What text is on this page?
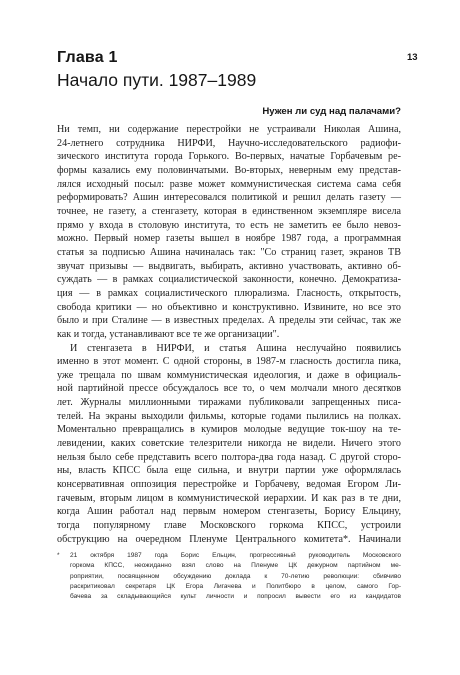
Глава 1	13
Начало пути. 1987–1989
Нужен ли суд над палачами?
Ни темп, ни содержание перестройки не устраивали Николая Ашина,
24-летнего сотрудника НИРФИ, Научно-исследовательского радиофи-
зического института города Горького. Во-первых, начатые Горбачевым ре-
формы казались ему половинчатыми. Во-вторых, неверным ему представ-
лялся исходный посыл: разве может коммунистическая система сама себя
реформировать? Ашин интересовался политикой и решил делать газету —
точнее, не газету, а стенгазету, которая в единственном экземпляре висела
прямо у входа в столовую института, то есть не заметить ее было невоз-
можно. Первый номер газеты вышел в ноябре 1987 года, а программная
статья за подписью Ашина начиналась так: "Со страниц газет, экранов ТВ
звучат призывы — выдвигать, выбирать, активно участвовать, активно об-
суждать — в рамках социалистической законности, конечно. Демократиза-
ция — в рамках социалистического плюрализма. Гласность, открытость,
свобода критики — но объективно и конструктивно. Извините, но все это
было и при Сталине — в известных пределах. А пределы эти сейчас, так же
как и тогда, устанавливают все те же организации".
И стенгазета в НИРФИ, и статья Ашина неслучайно появились
именно в этот момент. С одной стороны, в 1987-м гласность достигла пика,
уже трещала по швам коммунистическая идеология, и даже в официаль-
ной партийной прессе обсуждалось все то, о чем молчали много десятков
лет. Журналы миллионными тиражами публиковали запрещенных писа-
телей. На экраны выходили фильмы, которые годами пылились на полках.
Моментально превращались в кумиров молодые ведущие ток-шоу на те-
левидении, каких советские телезрители никогда не видели. Ничего этого
нельзя было себе представить всего полтора-два года назад. С другой сторо-
ны, власть КПСС была еще сильна, и внутри партии уже оформлялась
консервативная оппозиция перестройке и Горбачеву, ведомая Егором Ли-
гачевым, вторым лицом в коммунистической иерархии. И как раз в те дни,
когда Ашин работал над первым номером стенгазеты, Борису Ельцину,
тогда популярному главе Московского горкома КПСС, устроили
обструкцию на очередном Пленуме Центрального комитета*. Начинали
* 21 октября 1987 года Борис Ельцин, прогрессивный руководитель Московского
горкома КПСС, неожиданно взял слово на Пленуме ЦК дежурном партийном ме-
роприятии, посвященном обсуждению доклада к 70-летию революции: сбивчиво
раскритиковал секретаря ЦК Егора Лигачева и Политбюро в целом, самого Гор-
бачева за складывающийся культ личности и попросил вывести его из кандидатов
